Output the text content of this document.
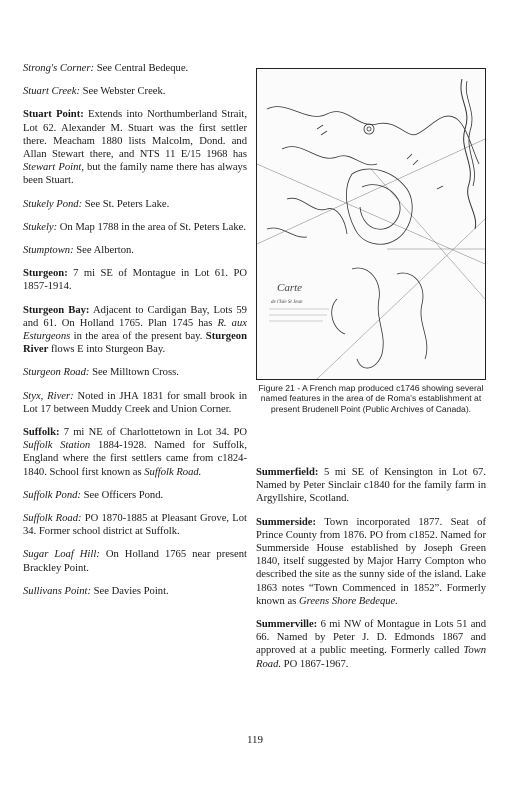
Strong's Corner: See Central Bedeque.

Stuart Creek: See Webster Creek.

Stuart Point: Extends into Northumberland Strait, Lot 62. Alexander M. Stuart was the first settler there. Meacham 1880 lists Malcolm, Dond. and Allan Stewart there, and NTS 11 E/15 1968 has Stewart Point, but the family name there has always been Stuart.

Stukely Pond: See St. Peters Lake.

Stukely: On Map 1788 in the area of St. Peters Lake.

Stumptown: See Alberton.

Sturgeon: 7 mi SE of Montague in Lot 61. PO 1857-1914.

Sturgeon Bay: Adjacent to Cardigan Bay, Lots 59 and 61. On Holland 1765. Plan 1745 has R. aux Esturgeons in the area of the present bay. Sturgeon River flows E into Sturgeon Bay.

Sturgeon Road: See Milltown Cross.

Styx, River: Noted in JHA 1831 for small brook in Lot 17 between Muddy Creek and Union Corner.

Suffolk: 7 mi NE of Charlottetown in Lot 34. PO Suffolk Station 1884-1928. Named for Suffolk, England where the first settlers came from c1824-1840. School first known as Suffolk Road.

Suffolk Pond: See Officers Pond.

Suffolk Road: PO 1870-1885 at Pleasant Grove, Lot 34. Former school district at Suffolk.

Sugar Loaf Hill: On Holland 1765 near present Brackley Point.

Sullivans Point: See Davies Point.

Carte
de l'Isle St Jean
Figure 21 - A French map produced c1746 showing several named features in the area of de Roma's establishment at present Brudenell Point (Public Archives of Canada).

Summerfield: 5 mi SE of Kensington in Lot 67. Named by Peter Sinclair c1840 for the family farm in Argyllshire, Scotland.

Summerside: Town incorporated 1877. Seat of Prince County from 1876. PO from c1852. Named for Summerside House established by Joseph Green 1840, itself suggested by Major Harry Compton who described the site as the sunny side of the island. Lake 1863 notes “Town Commenced in 1852”. Formerly known as Greens Shore Bedeque.

Summerville: 6 mi NW of Montague in Lots 51 and 66. Named by Peter J. D. Edmonds 1867 and approved at a public meeting. Formerly called Town Road. PO 1867-1967.

119
